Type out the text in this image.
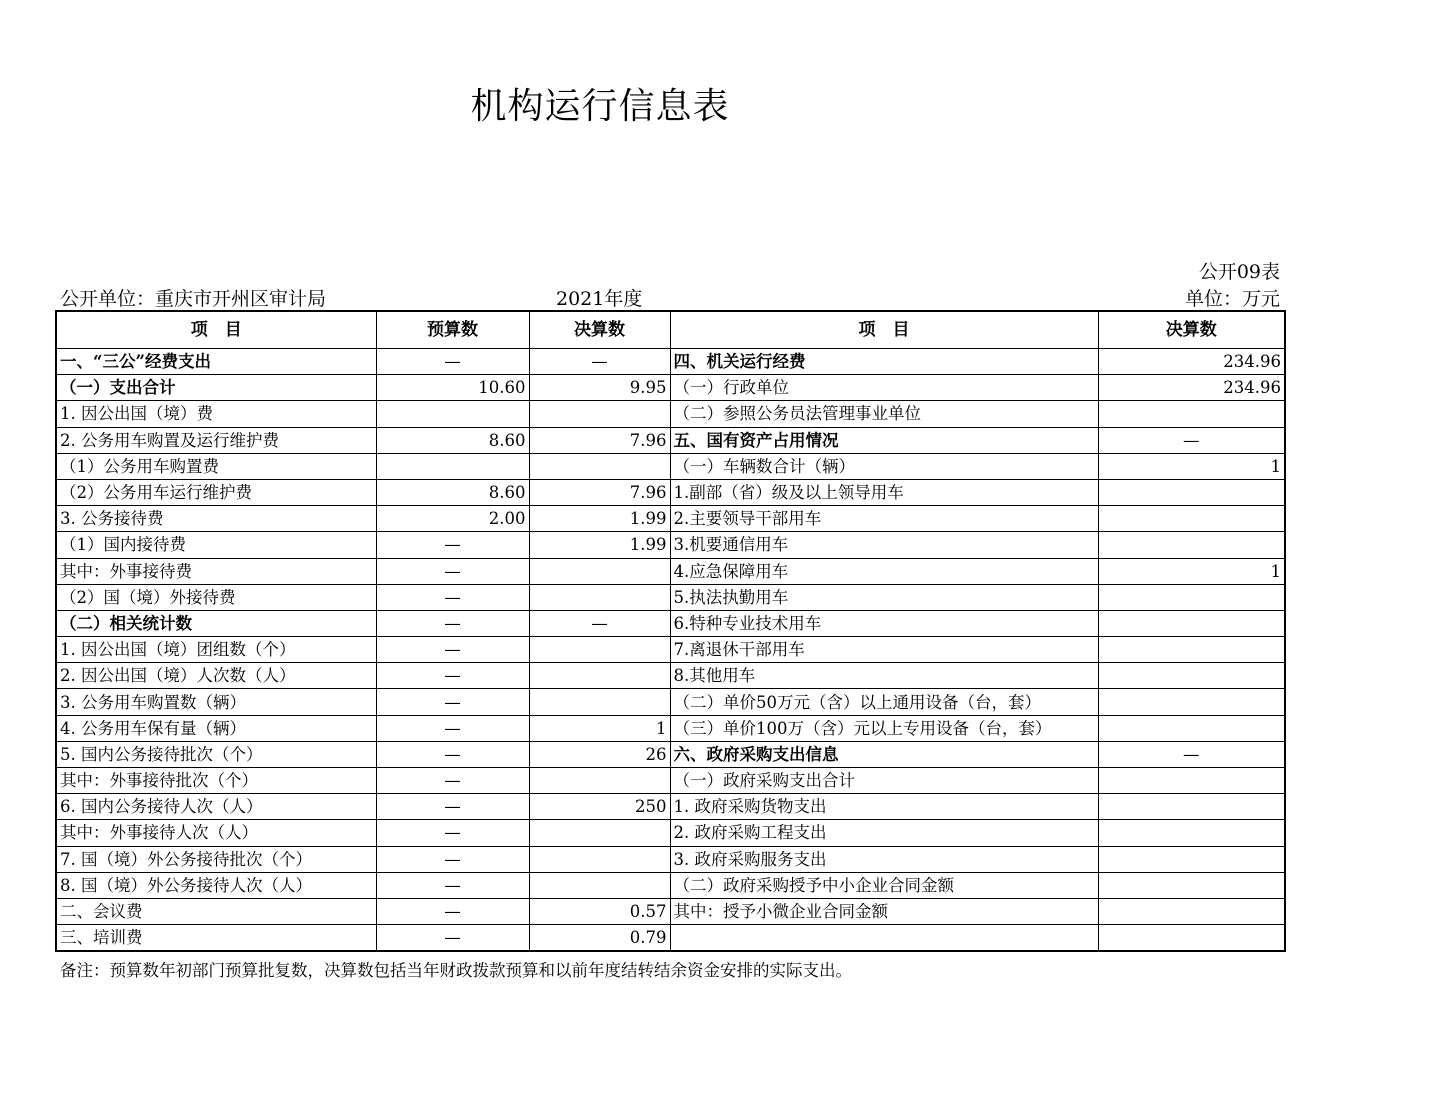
机构运行信息表
公开09表
公开单位：重庆市开州区审计局	2021年度	单位：万元
项　目	预算数	决算数	项　目	决算数
一、“三公”经费支出	—	—	四、机关运行经费	234.96
（一）支出合计	10.60	9.95	（一）行政单位	234.96
1. 因公出国（境）费			（二）参照公务员法管理事业单位	
2. 公务用车购置及运行维护费	8.60	7.96	五、国有资产占用情况	—
（1）公务用车购置费			（一）车辆数合计（辆）	1
（2）公务用车运行维护费	8.60	7.96	1.副部（省）级及以上领导用车	
3. 公务接待费	2.00	1.99	2.主要领导干部用车	
（1）国内接待费	—	1.99	3.机要通信用车	
其中：外事接待费	—		4.应急保障用车	1
（2）国（境）外接待费	—		5.执法执勤用车	
（二）相关统计数	—	—	6.特种专业技术用车	
1. 因公出国（境）团组数（个）	—		7.离退休干部用车	
2. 因公出国（境）人次数（人）	—		8.其他用车	
3. 公务用车购置数（辆）	—		（二）单价50万元（含）以上通用设备（台，套）	
4. 公务用车保有量（辆）	—	1	（三）单价100万（含）元以上专用设备（台，套）	
5. 国内公务接待批次（个）	—	26	六、政府采购支出信息	—
其中：外事接待批次（个）	—		（一）政府采购支出合计	
6. 国内公务接待人次（人）	—	250	1. 政府采购货物支出	
其中：外事接待人次（人）	—		2. 政府采购工程支出	
7. 国（境）外公务接待批次（个）	—		3. 政府采购服务支出	
8. 国（境）外公务接待人次（人）	—		（二）政府采购授予中小企业合同金额	
二、会议费	—	0.57	其中：授予小微企业合同金额	
三、培训费	—	0.79		
备注：预算数年初部门预算批复数，决算数包括当年财政拨款预算和以前年度结转结余资金安排的实际支出。
